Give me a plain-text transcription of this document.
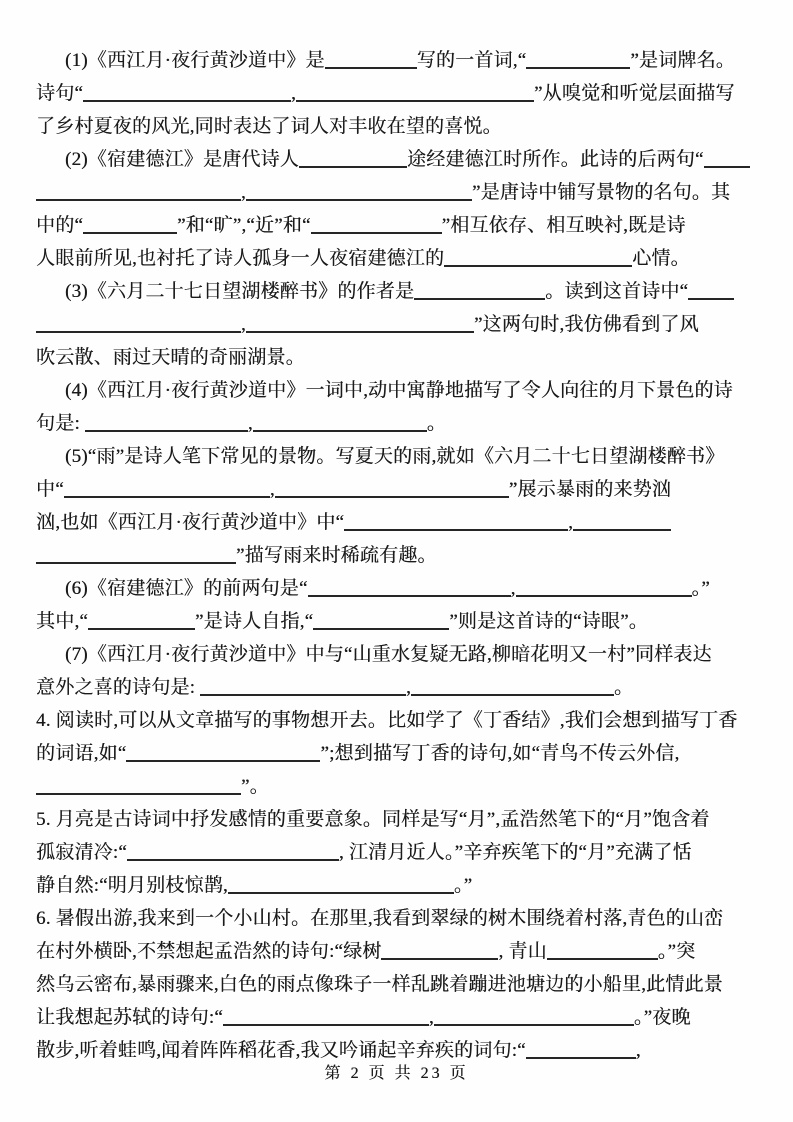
(1)《西江月·夜行黄沙道中》是	写的一首词,“	”是词牌名。
诗句“	,	”从嗅觉和听觉层面描写
了乡村夏夜的风光,同时表达了词人对丰收在望的喜悦。
(2)《宿建德江》是唐代诗人	途经建德江时所作。此诗的后两句“
,	”是唐诗中铺写景物的名句。其
中的“	”和“旷”,“近”和“	”相互依存、相互映衬,既是诗
人眼前所见,也衬托了诗人孤身一人夜宿建德江的	心情。
(3)《六月二十七日望湖楼醉书》的作者是	。读到这首诗中“
,	”这两句时,我仿佛看到了风
吹云散、雨过天晴的奇丽湖景。
(4)《西江月·夜行黄沙道中》一词中,动中寓静地描写了令人向往的月下景色的诗
句是:	,	。
(5)“雨”是诗人笔下常见的景物。写夏天的雨,就如《六月二十七日望湖楼醉书》
中“	,	”展示暴雨的来势汹
汹,也如《西江月·夜行黄沙道中》中“	,
”描写雨来时稀疏有趣。
(6)《宿建德江》的前两句是“	,	。”
其中,“	”是诗人自指,“	”则是这首诗的“诗眼”。
(7)《西江月·夜行黄沙道中》中与“山重水复疑无路,柳暗花明又一村”同样表达
意外之喜的诗句是:	,	。
4. 阅读时,可以从文章描写的事物想开去。比如学了《丁香结》,我们会想到描写丁香
的词语,如“	”;想到描写丁香的诗句,如“青鸟不传云外信,
”。
5. 月亮是古诗词中抒发感情的重要意象。同样是写“月”,孟浩然笔下的“月”饱含着
孤寂清冷:“	, 江清月近人。”辛弃疾笔下的“月”充满了恬
静自然:“明月别枝惊鹊,	。”
6. 暑假出游,我来到一个小山村。在那里,我看到翠绿的树木围绕着村落,青色的山峦
在村外横卧,不禁想起孟浩然的诗句:“绿树	, 青山	。”突
然乌云密布,暴雨骤来,白色的雨点像珠子一样乱跳着蹦进池塘边的小船里,此情此景
让我想起苏轼的诗句:“	,	。”夜晚
散步,听着蛙鸣,闻着阵阵稻花香,我又吟诵起辛弃疾的词句:“	,
第 2 页 共 23 页
